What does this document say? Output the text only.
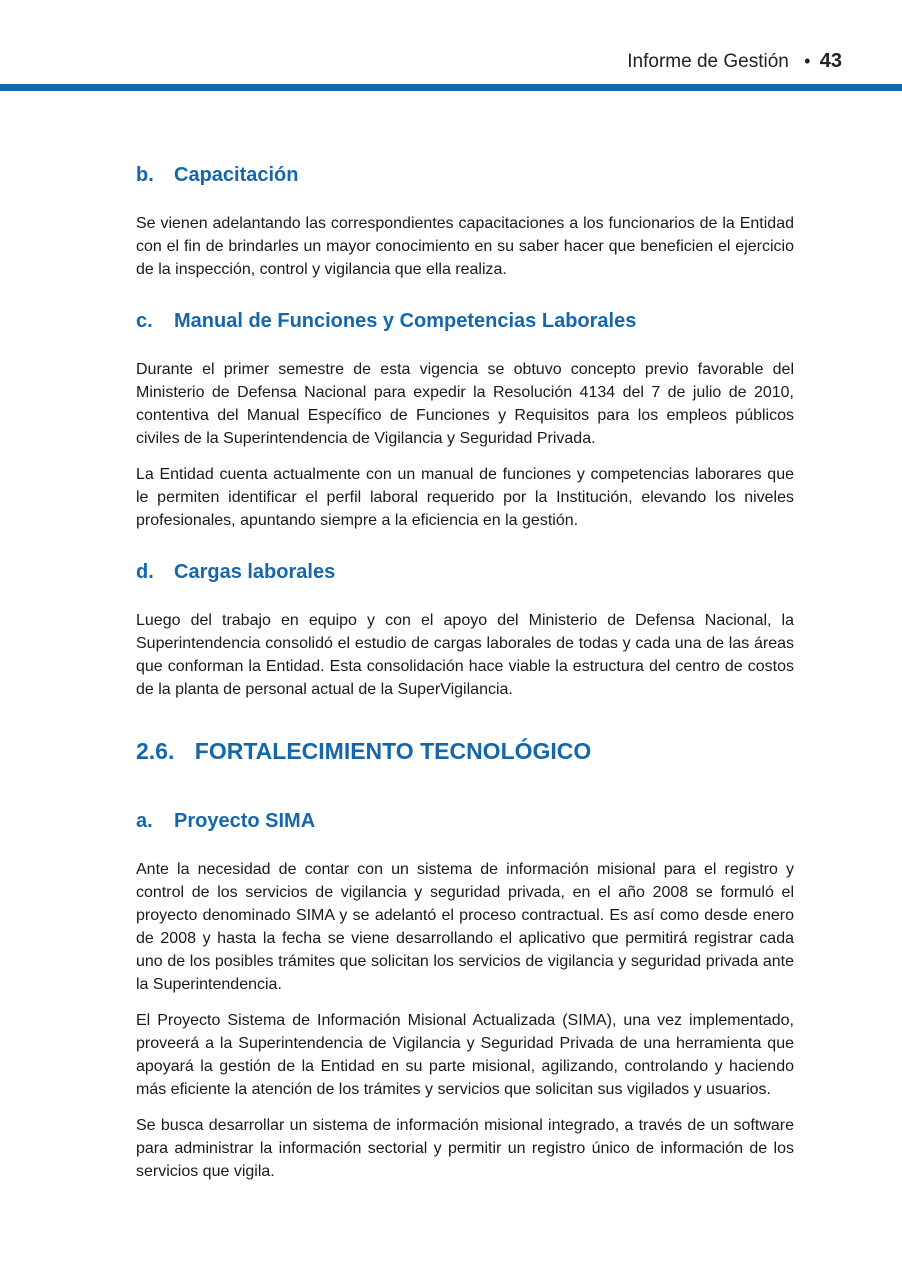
Informe de Gestión • 43
b.	Capacitación

Se vienen adelantando las correspondientes capacitaciones a los funcionarios de la Entidad con el fin de brindarles un mayor conocimiento en su saber hacer que beneficien el ejercicio de la inspección, control y vigilancia que ella realiza.

c.	Manual de Funciones y Competencias Laborales

Durante el primer semestre de esta vigencia se obtuvo concepto previo favorable del Ministerio de Defensa Nacional para expedir la Resolución 4134 del 7 de julio de 2010, contentiva del Manual Específico de Funciones y Requisitos para los empleos públicos civiles de la Superintendencia de Vigilancia y Seguridad Privada.

La Entidad cuenta actualmente con un manual de funciones y competencias laborares que le permiten identificar el perfil laboral requerido por la Institución, elevando los niveles profesionales, apuntando siempre a la eficiencia en la gestión.

d.	Cargas laborales

Luego del trabajo en equipo y con el apoyo del Ministerio de Defensa Nacional, la Superintendencia consolidó el estudio de cargas laborales de todas y cada una de las áreas que conforman la Entidad. Esta consolidación hace viable la estructura del centro de costos de la planta de personal actual de la SuperVigilancia.

2.6. FORTALECIMIENTO TECNOLÓGICO
a.	Proyecto SIMA

Ante la necesidad de contar con un sistema de información misional para el registro y control de los servicios de vigilancia y seguridad privada, en el año 2008 se formuló el proyecto denominado SIMA y se adelantó el proceso contractual. Es así como desde enero de 2008 y hasta la fecha se viene desarrollando el aplicativo que permitirá registrar cada uno de los posibles trámites que solicitan los servicios de vigilancia y seguridad privada ante la Superintendencia.

El Proyecto Sistema de Información Misional Actualizada (SIMA), una vez implementado, proveerá a la Superintendencia de Vigilancia y Seguridad Privada de una herramienta que apoyará la gestión de la Entidad en su parte misional, agilizando, controlando y haciendo más eficiente la atención de los trámites y servicios que solicitan sus vigilados y usuarios.

Se busca desarrollar un sistema de información misional integrado, a través de un software para administrar la información sectorial y permitir un registro único de información de los servicios que vigila.
